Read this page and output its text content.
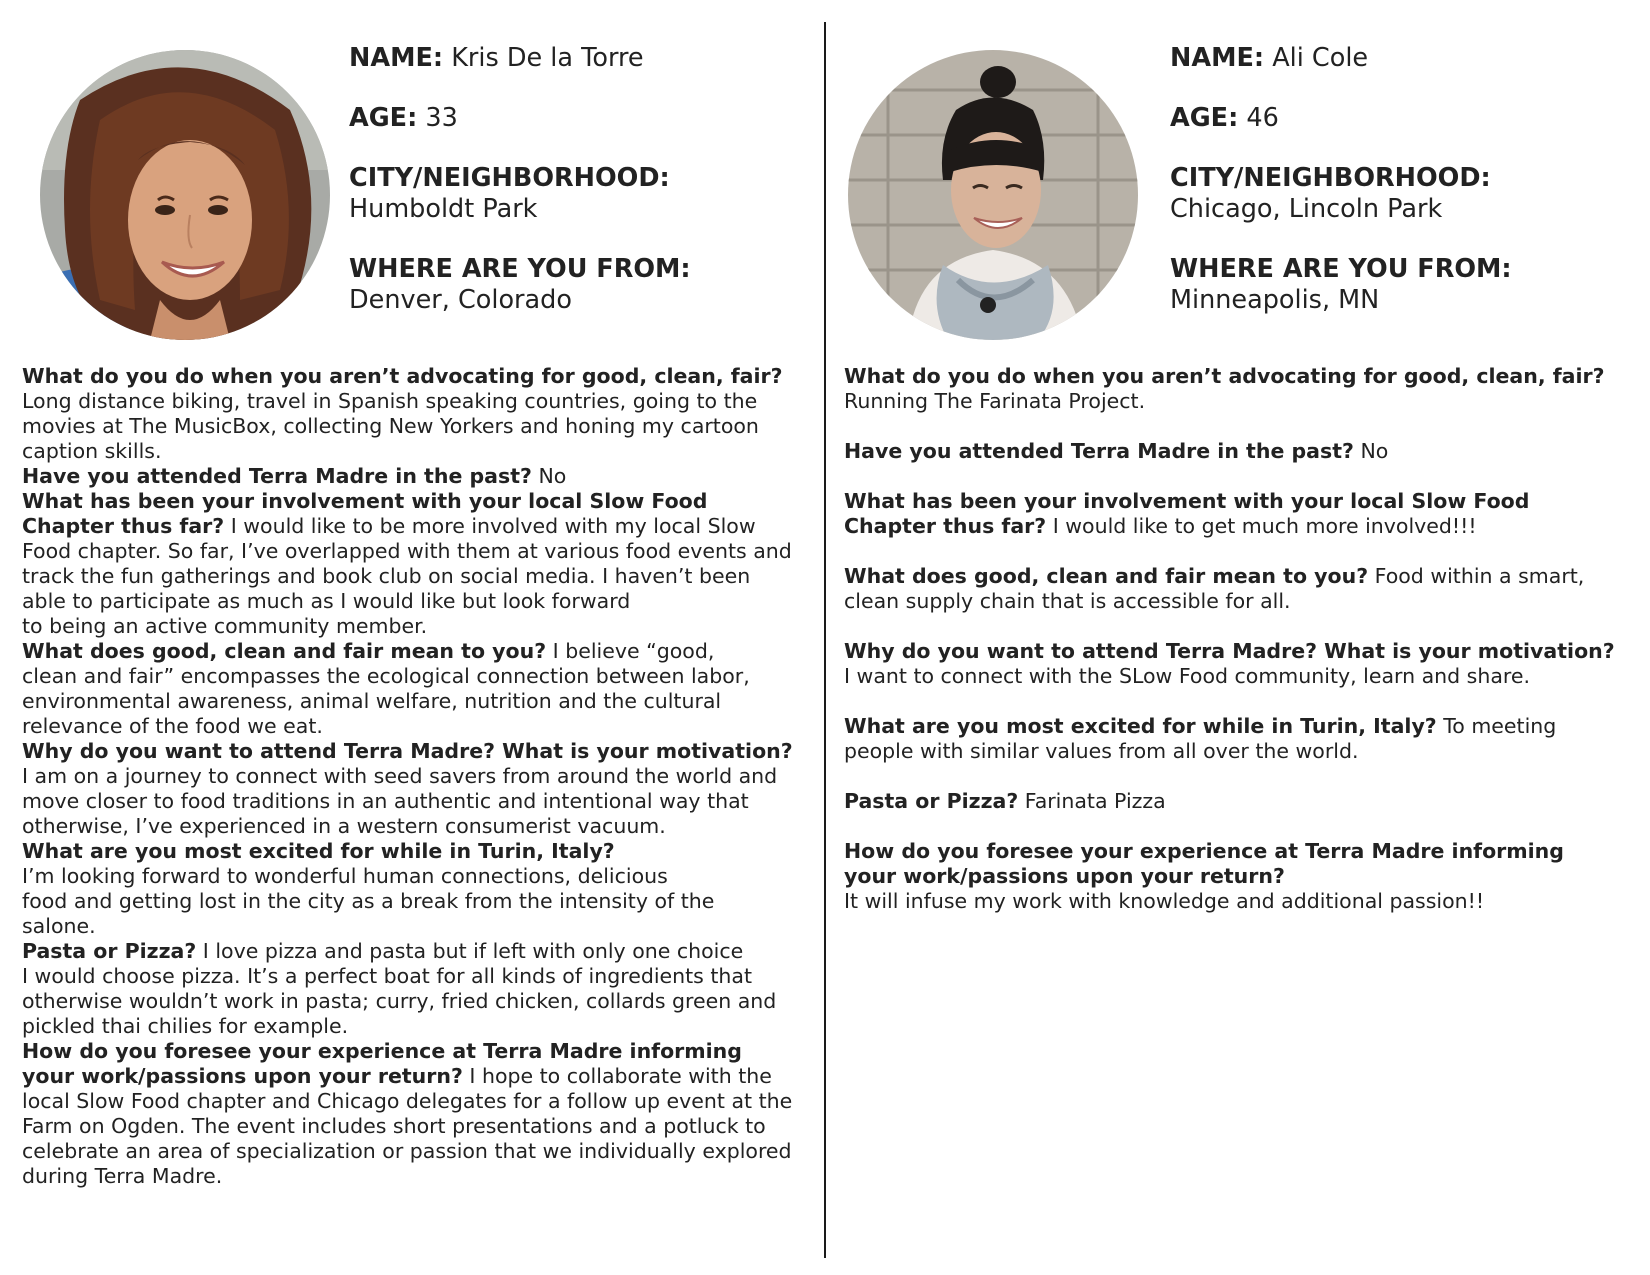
NAME: Kris De la Torre

AGE: 33

CITY/NEIGHBORHOOD:
Humboldt Park

WHERE ARE YOU FROM:
Denver, Colorado

What do you do when you aren’t advocating for good, clean, fair?
Long distance biking, travel in Spanish speaking countries, going to the
movies at The MusicBox, collecting New Yorkers and honing my cartoon
caption skills.

Have you attended Terra Madre in the past? No

What has been your involvement with your local Slow Food
Chapter thus far? I would like to be more involved with my local Slow
Food chapter. So far, I’ve overlapped with them at various food events and
track the fun gatherings and book club on social media. I haven’t been
able to participate as much as I would like but look forward
to being an active community member.

What does good, clean and fair mean to you? I believe “good,
clean and fair” encompasses the ecological connection between labor,
environmental awareness, animal welfare, nutrition and the cultural
relevance of the food we eat.

Why do you want to attend Terra Madre? What is your motivation?
I am on a journey to connect with seed savers from around the world and
move closer to food traditions in an authentic and intentional way that
otherwise, I’ve experienced in a western consumerist vacuum.

What are you most excited for while in Turin, Italy?
I’m looking forward to wonderful human connections, delicious
food and getting lost in the city as a break from the intensity of the
salone.

Pasta or Pizza? I love pizza and pasta but if left with only one choice
I would choose pizza. It’s a perfect boat for all kinds of ingredients that
otherwise wouldn’t work in pasta; curry, fried chicken, collards green and
pickled thai chilies for example.

How do you foresee your experience at Terra Madre informing
your work/passions upon your return? I hope to collaborate with the
local Slow Food chapter and Chicago delegates for a follow up event at the
Farm on Ogden. The event includes short presentations and a potluck to
celebrate an area of specialization or passion that we individually explored
during Terra Madre.

NAME: Ali Cole

AGE: 46

CITY/NEIGHBORHOOD:
Chicago, Lincoln Park

WHERE ARE YOU FROM:
Minneapolis, MN

What do you do when you aren’t advocating for good, clean, fair?
Running The Farinata Project.

Have you attended Terra Madre in the past? No

What has been your involvement with your local Slow Food
Chapter thus far? I would like to get much more involved!!!

What does good, clean and fair mean to you? Food within a smart,
clean supply chain that is accessible for all.

Why do you want to attend Terra Madre? What is your motivation?
I want to connect with the SLow Food community, learn and share.

What are you most excited for while in Turin, Italy? To meeting
people with similar values from all over the world.

Pasta or Pizza? Farinata Pizza

How do you foresee your experience at Terra Madre informing
your work/passions upon your return?
It will infuse my work with knowledge and additional passion!!
